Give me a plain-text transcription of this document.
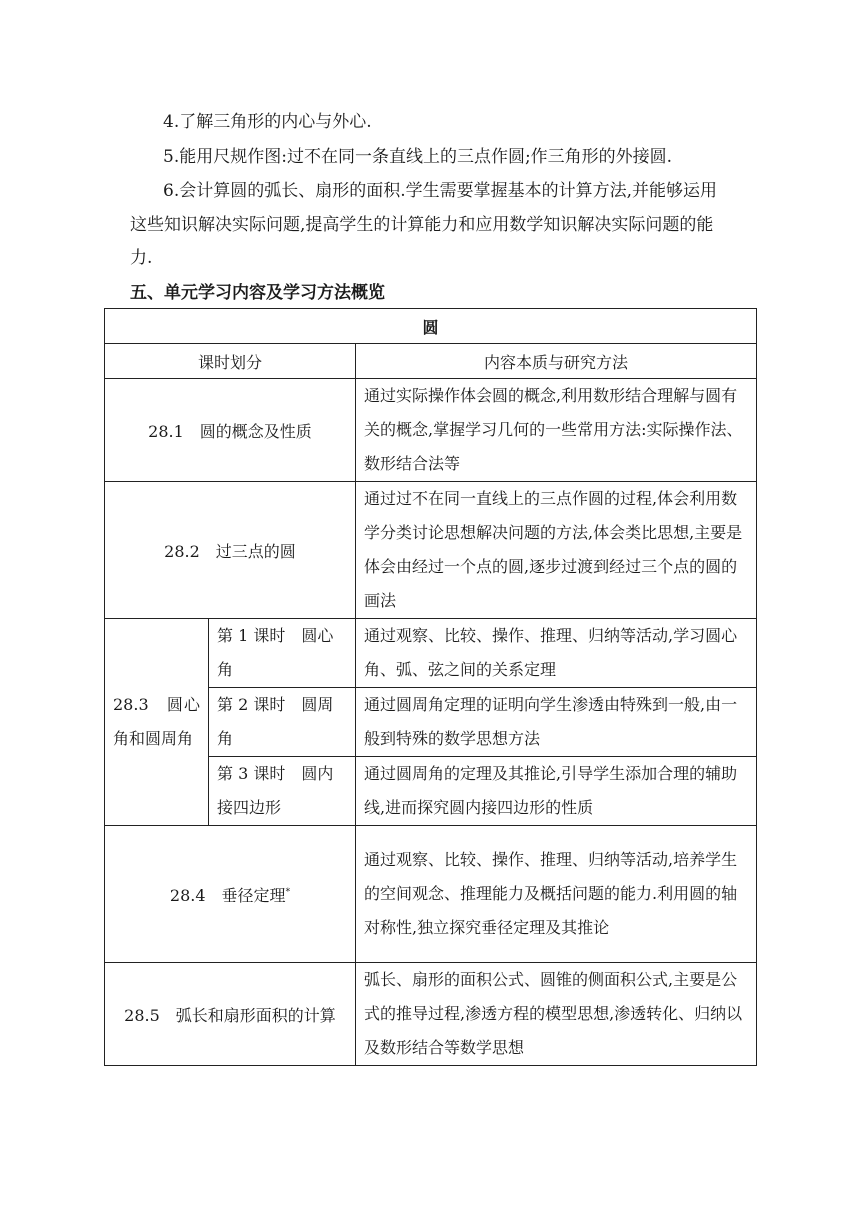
4.了解三角形的内心与外心.

5.能用尺规作图:过不在同一条直线上的三点作圆;作三角形的外接圆.

6.会计算圆的弧长、扇形的面积.学生需要掌握基本的计算方法,并能够运用

这些知识解决实际问题,提高学生的计算能力和应用数学知识解决实际问题的能

力.

五、单元学习内容及学习方法概览
圆		
课时划分		内容本质与研究方法
28.1　圆的概念及性质		通过实际操作体会圆的概念,利用数形结合理解与圆有关的概念,掌握学习几何的一些常用方法:实际操作法、数形结合法等
28.2　过三点的圆		通过过不在同一直线上的三点作圆的过程,体会利用数学分类讨论思想解决问题的方法,体会类比思想,主要是体会由经过一个点的圆,逐步过渡到经过三个点的圆的画法
28.3　圆心角和圆周角	第 1 课时　圆心角	通过观察、比较、操作、推理、归纳等活动,学习圆心角、弧、弦之间的关系定理
	第 2 课时　圆周角	通过圆周角定理的证明向学生渗透由特殊到一般,由一般到特殊的数学思想方法
	第 3 课时　圆内接四边形	通过圆周角的定理及其推论,引导学生添加合理的辅助线,进而探究圆内接四边形的性质
28.4　垂径定理*		通过观察、比较、操作、推理、归纳等活动,培养学生的空间观念、推理能力及概括问题的能力.利用圆的轴对称性,独立探究垂径定理及其推论
28.5　弧长和扇形面积的计算		弧长、扇形的面积公式、圆锥的侧面积公式,主要是公式的推导过程,渗透方程的模型思想,渗透转化、归纳以及数形结合等数学思想
